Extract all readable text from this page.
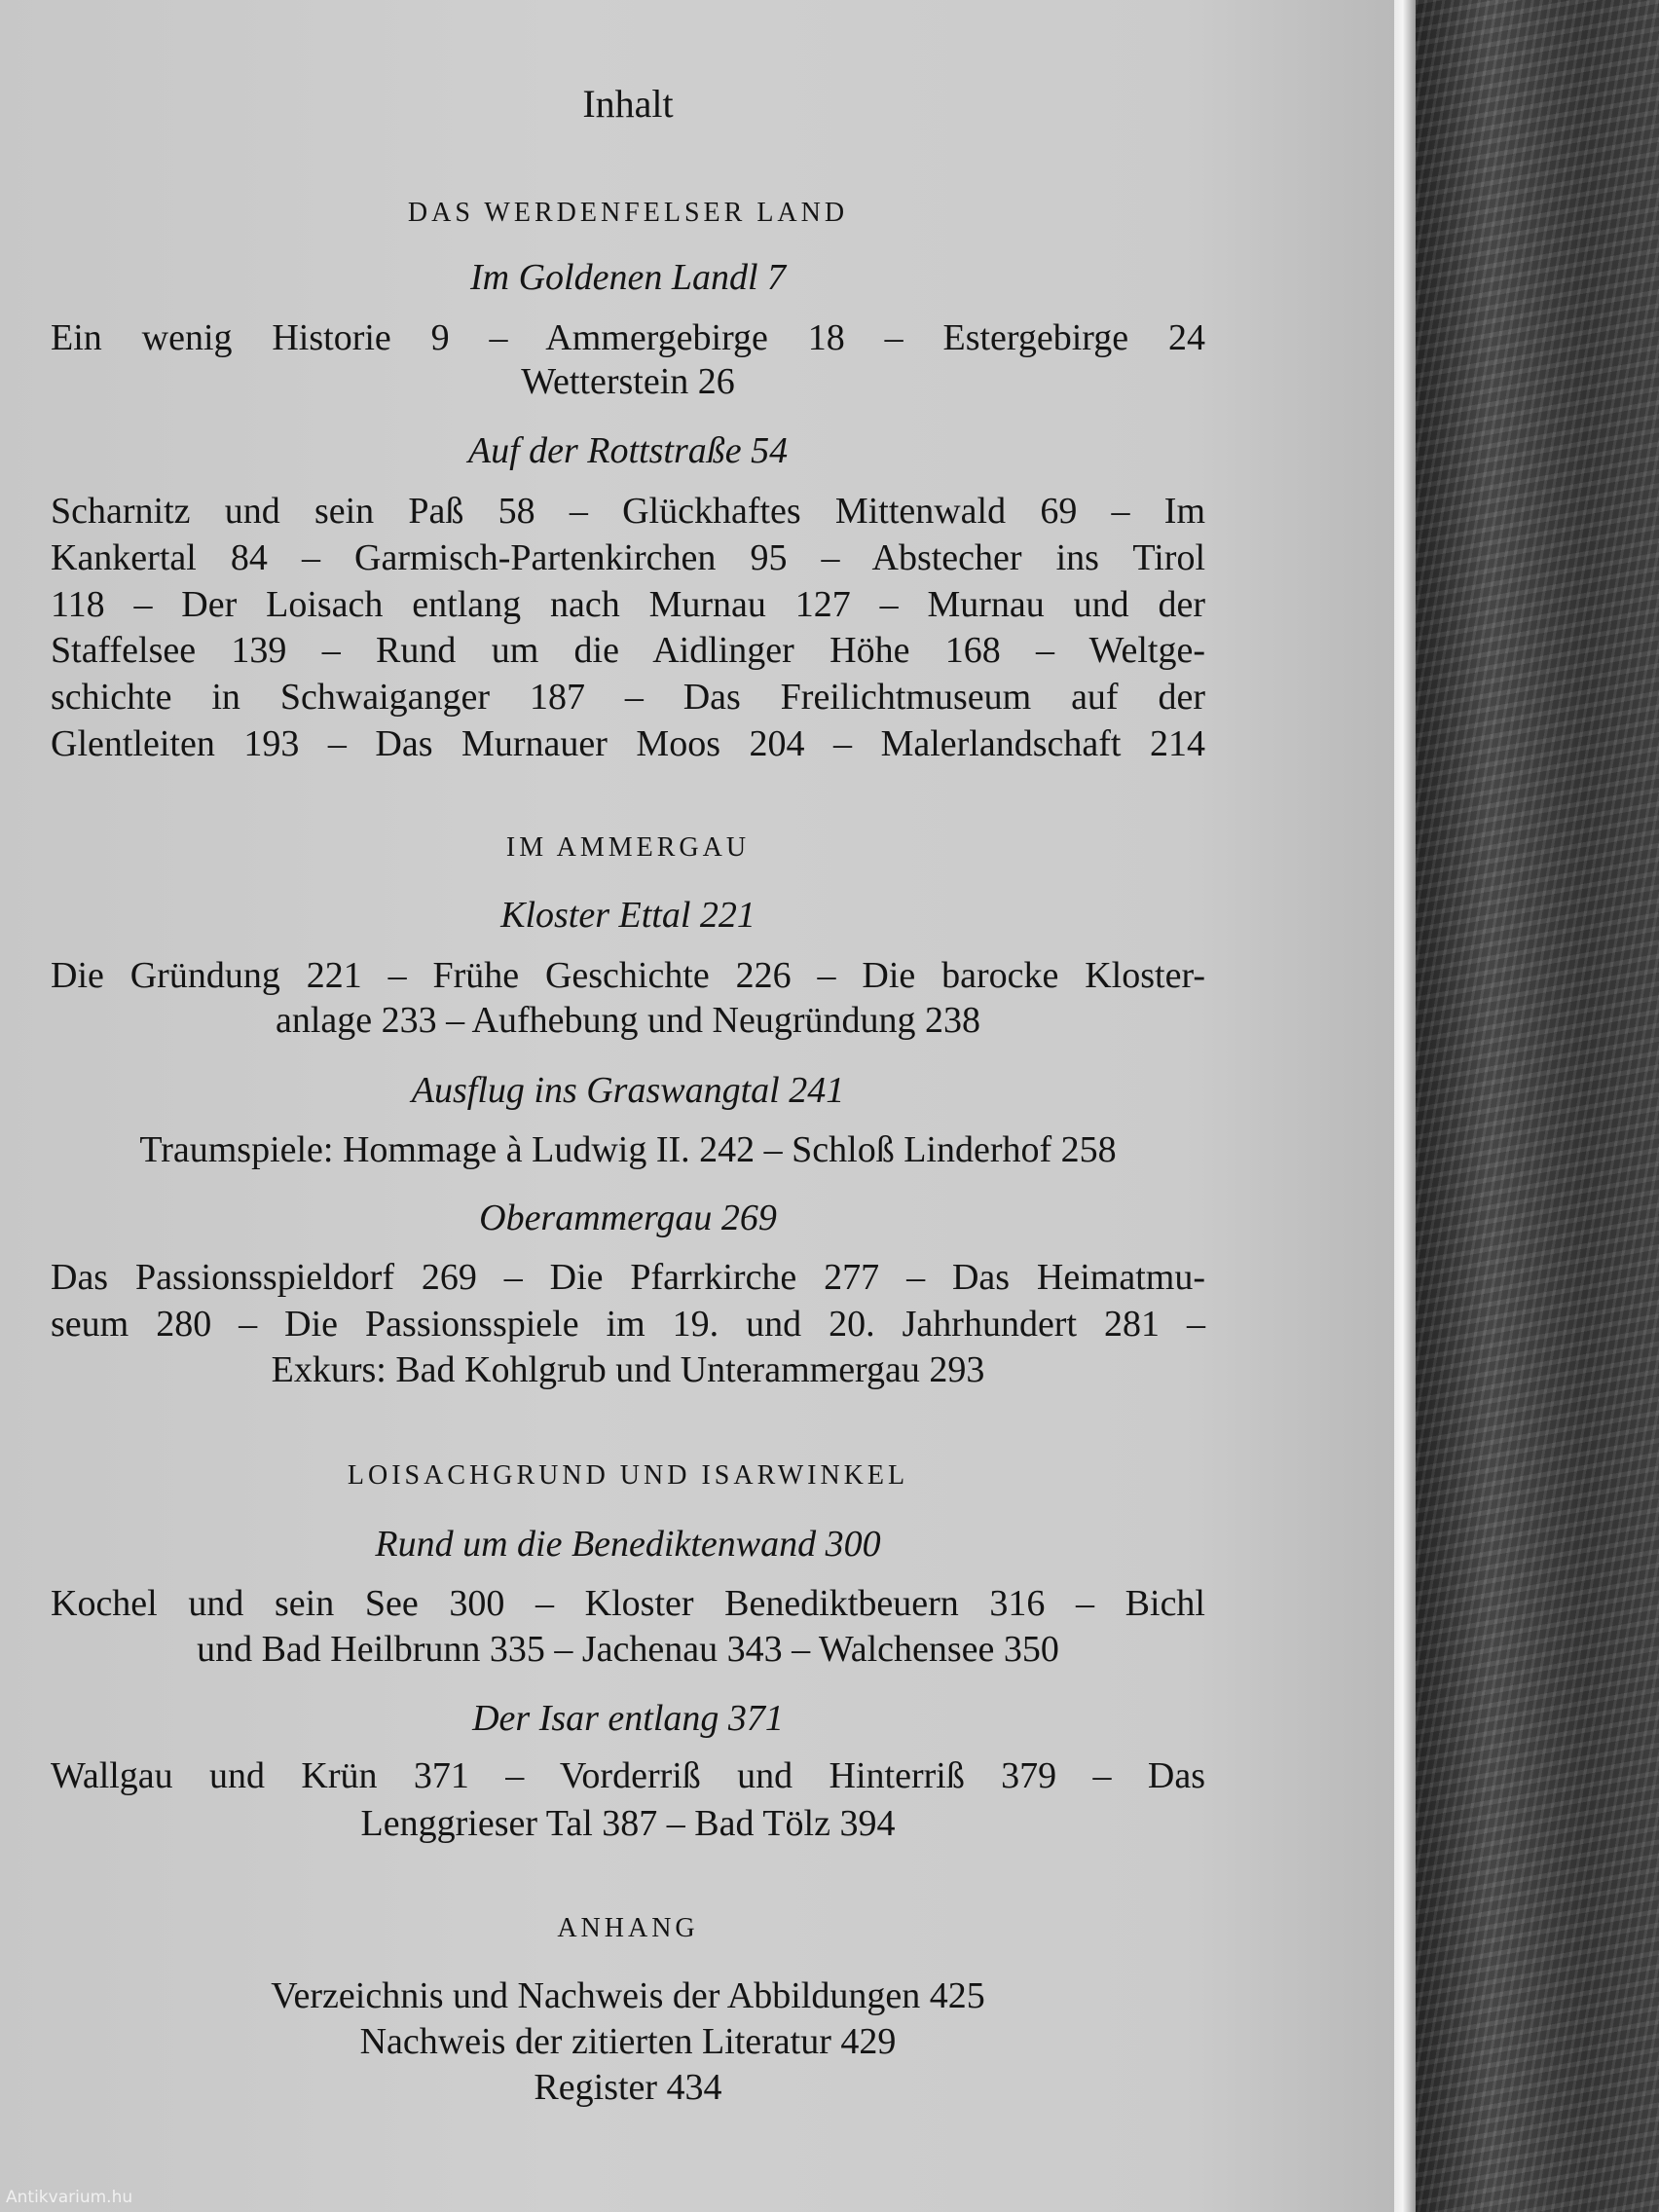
Inhalt
DAS WERDENFELSER LAND
Im Goldenen Landl 7
Ein wenig Historie 9 – Ammergebirge 18 – Estergebirge 24
Wetterstein 26
Auf der Rottstraße 54
Scharnitz und sein Paß 58 – Glückhaftes Mittenwald 69 – Im
Kankertal 84 – Garmisch-Partenkirchen 95 – Abstecher ins Tirol
118 – Der Loisach entlang nach Murnau 127 – Murnau und der
Staffelsee 139 – Rund um die Aidlinger Höhe 168 – Weltge-
schichte in Schwaiganger 187 – Das Freilichtmuseum auf der
Glentleiten 193 – Das Murnauer Moos 204 – Malerlandschaft 214
IM AMMERGAU
Kloster Ettal 221
Die Gründung 221 – Frühe Geschichte 226 – Die barocke Kloster-
anlage 233 – Aufhebung und Neugründung 238
Ausflug ins Graswangtal 241
Traumspiele: Hommage à Ludwig II. 242 – Schloß Linderhof 258
Oberammergau 269
Das Passionsspieldorf 269 – Die Pfarrkirche 277 – Das Heimatmu-
seum 280 – Die Passionsspiele im 19. und 20. Jahrhundert 281 –
Exkurs: Bad Kohlgrub und Unterammergau 293
LOISACHGRUND UND ISARWINKEL
Rund um die Benediktenwand 300
Kochel und sein See 300 – Kloster Benediktbeuern 316 – Bichl
und Bad Heilbrunn 335 – Jachenau 343 – Walchensee 350
Der Isar entlang 371
Wallgau und Krün 371 – Vorderriß und Hinterriß 379 – Das
Lenggrieser Tal 387 – Bad Tölz 394
ANHANG
Verzeichnis und Nachweis der Abbildungen 425
Nachweis der zitierten Literatur 429
Register 434
Antikvarium.hu
